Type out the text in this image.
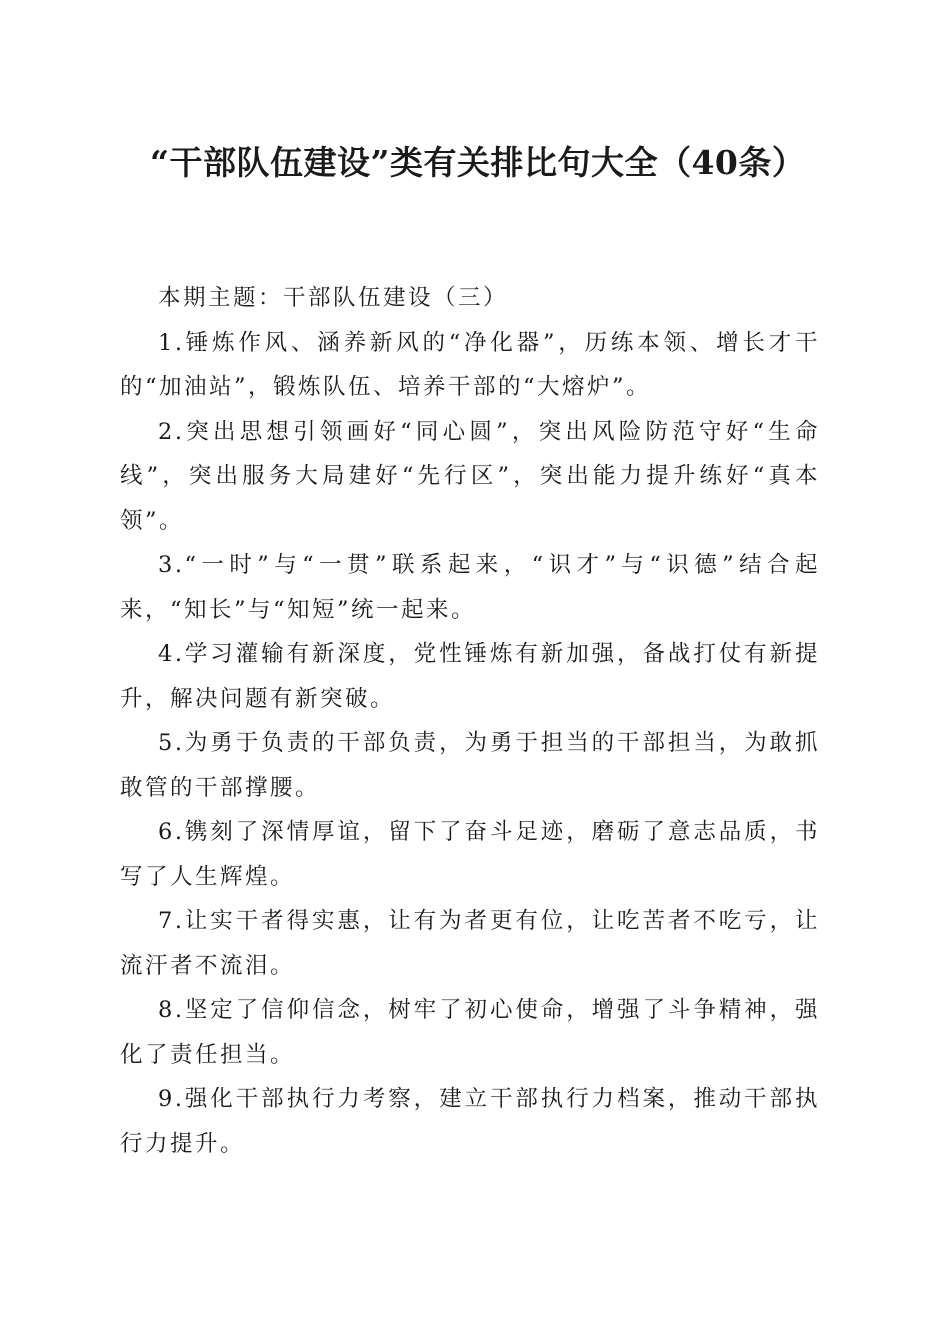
“干部队伍建设”类有关排比句大全（40条）

本期主题：干部队伍建设（三）

1.锤炼作风、涵养新风的“净化器”，历练本领、增长才干的“加油站”，锻炼队伍、培养干部的“大熔炉”。

2.突出思想引领画好“同心圆”，突出风险防范守好“生命线”，突出服务大局建好“先行区”，突出能力提升练好“真本领”。

3.“一时”与“一贯”联系起来，“识才”与“识德”结合起来，“知长”与“知短”统一起来。

4.学习灌输有新深度，党性锤炼有新加强，备战打仗有新提升，解决问题有新突破。

5.为勇于负责的干部负责，为勇于担当的干部担当，为敢抓敢管的干部撑腰。

6.镌刻了深情厚谊，留下了奋斗足迹，磨砺了意志品质，书写了人生辉煌。

7.让实干者得实惠，让有为者更有位，让吃苦者不吃亏，让流汗者不流泪。

8.坚定了信仰信念，树牢了初心使命，增强了斗争精神，强化了责任担当。

9.强化干部执行力考察，建立干部执行力档案，推动干部执行力提升。
